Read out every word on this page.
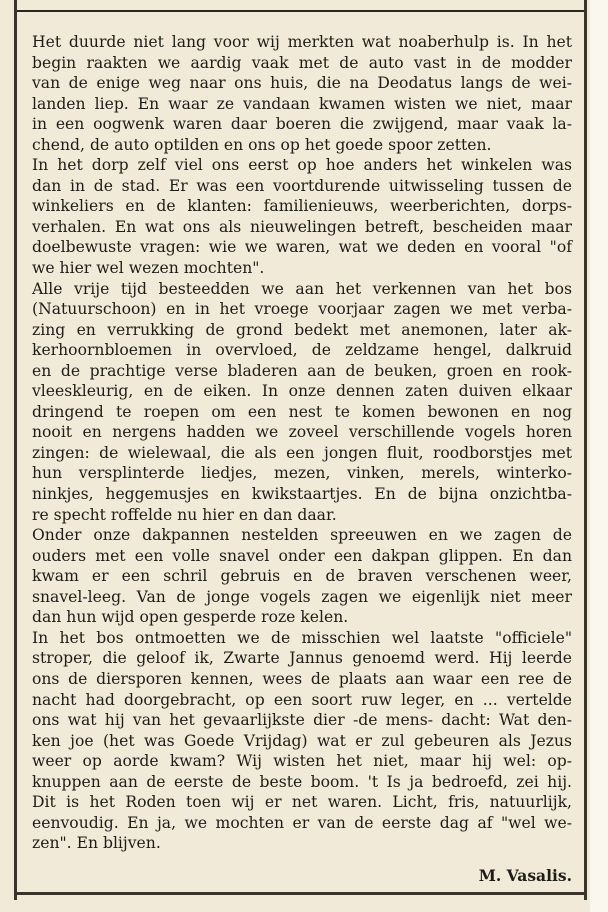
Het duurde niet lang voor wij merkten wat noaberhulp is. In het
begin raakten we aardig vaak met de auto vast in de modder
van de enige weg naar ons huis, die na Deodatus langs de wei-
landen liep. En waar ze vandaan kwamen wisten we niet, maar
in een oogwenk waren daar boeren die zwijgend, maar vaak la-
chend, de auto optilden en ons op het goede spoor zetten.
In het dorp zelf viel ons eerst op hoe anders het winkelen was
dan in de stad. Er was een voortdurende uitwisseling tussen de
winkeliers en de klanten: familienieuws, weerberichten, dorps-
verhalen. En wat ons als nieuwelingen betreft, bescheiden maar
doelbewuste vragen: wie we waren, wat we deden en vooral "of
we hier wel wezen mochten".
Alle vrije tijd besteedden we aan het verkennen van het bos
(Natuurschoon) en in het vroege voorjaar zagen we met verba-
zing en verrukking de grond bedekt met anemonen, later ak-
kerhoornbloemen in overvloed, de zeldzame hengel, dalkruid
en de prachtige verse bladeren aan de beuken, groen en rook-
vleeskleurig, en de eiken. In onze dennen zaten duiven elkaar
dringend te roepen om een nest te komen bewonen en nog
nooit en nergens hadden we zoveel verschillende vogels horen
zingen: de wielewaal, die als een jongen fluit, roodborstjes met
hun versplinterde liedjes, mezen, vinken, merels, winterko-
ninkjes, heggemusjes en kwikstaartjes. En de bijna onzichtba-
re specht roffelde nu hier en dan daar.
Onder onze dakpannen nestelden spreeuwen en we zagen de
ouders met een volle snavel onder een dakpan glippen. En dan
kwam er een schril gebruis en de braven verschenen weer,
snavel-leeg. Van de jonge vogels zagen we eigenlijk niet meer
dan hun wijd open gesperde roze kelen.
In het bos ontmoetten we de misschien wel laatste "officiele"
stroper, die geloof ik, Zwarte Jannus genoemd werd. Hij leerde
ons de diersporen kennen, wees de plaats aan waar een ree de
nacht had doorgebracht, op een soort ruw leger, en ... vertelde
ons wat hij van het gevaarlijkste dier -de mens- dacht: Wat den-
ken joe (het was Goede Vrijdag) wat er zul gebeuren als Jezus
weer op aorde kwam? Wij wisten het niet, maar hij wel: op-
knuppen aan de eerste de beste boom. 't Is ja bedroefd, zei hij.
Dit is het Roden toen wij er net waren. Licht, fris, natuurlijk,
eenvoudig. En ja, we mochten er van de eerste dag af "wel we-
zen". En blijven.
M. Vasalis.
